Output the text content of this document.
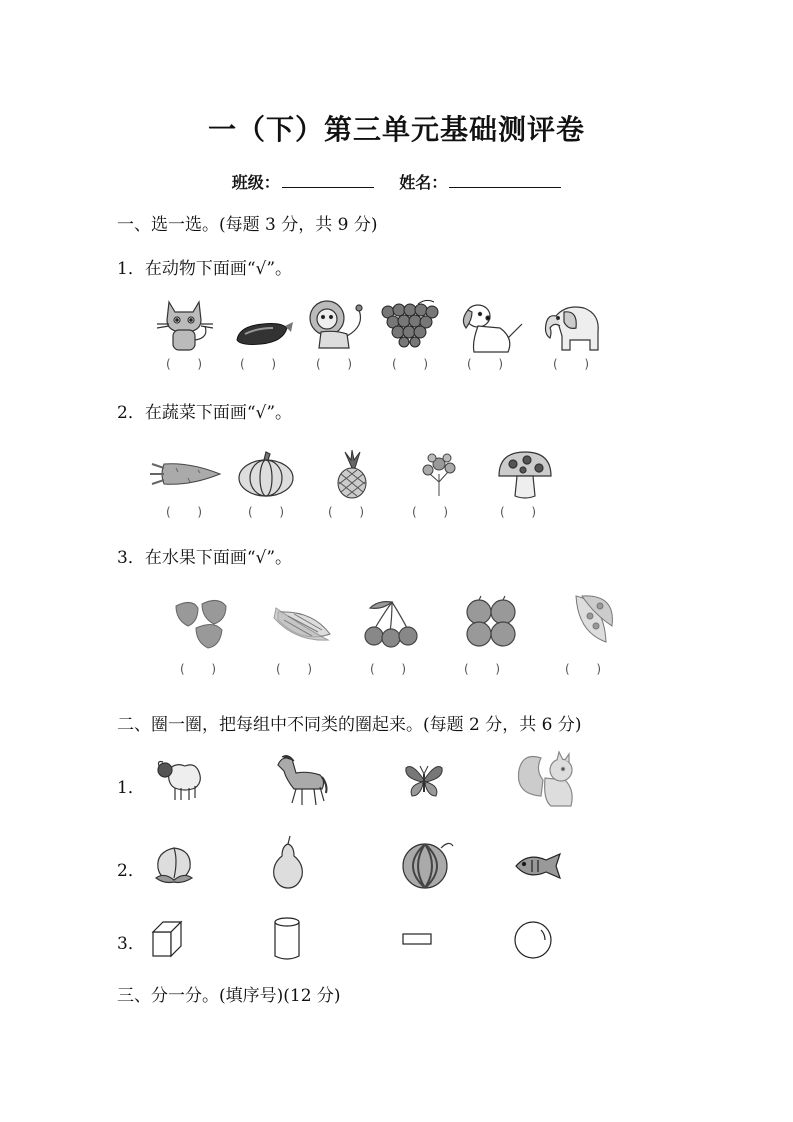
一（下）第三单元基础测评卷
班级：	姓名：
一、选一选。(每题 3 分，共 9 分)
1．在动物下面画“√”。
(       )	(       )	(       )	(       )	(       )	(       )
2．在蔬菜下面画“√”。
(       )	(       )	(       )	(       )	(       )
3．在水果下面画“√”。
(       )	(       )	(       )	(       )	(       )
二、圈一圈，把每组中不同类的圈起来。(每题 2 分，共 6 分)
1．
2．
3．
三、分一分。(填序号)(12 分)
